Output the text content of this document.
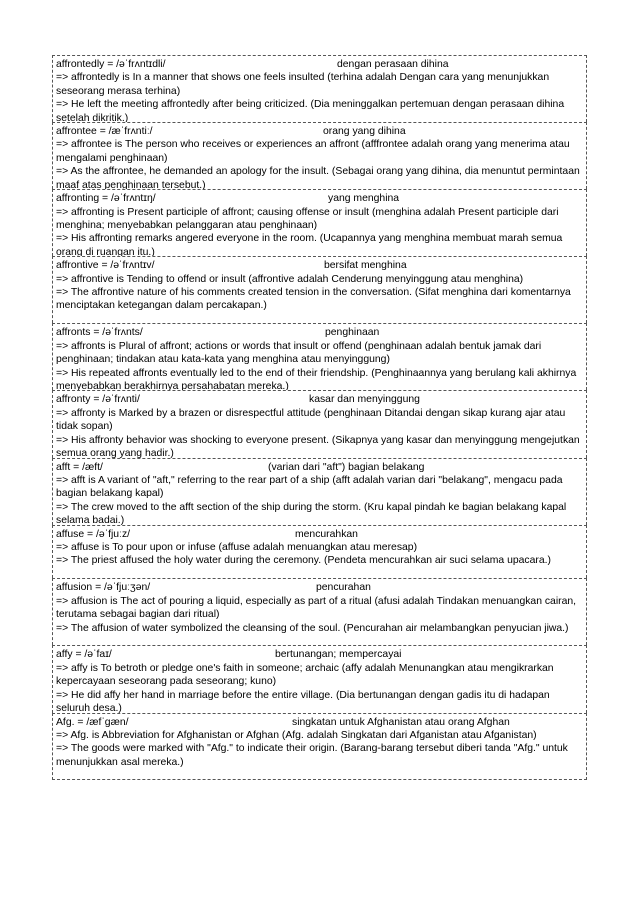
affrontedly = /əˈfrʌntɪdli/	dengan perasaan dihina
=> affrontedly is In a manner that shows one feels insulted (terhina adalah Dengan cara yang menunjukkan seseorang merasa terhina)
=> He left the meeting affrontedly after being criticized. (Dia meninggalkan pertemuan dengan perasaan dihina setelah dikritik.)
affrontee = /æˈfrʌntiː/	orang yang dihina
=> affrontee is The person who receives or experiences an affront (afffrontee adalah orang yang menerima atau mengalami penghinaan)
=> As the affrontee, he demanded an apology for the insult. (Sebagai orang yang dihina, dia menuntut permintaan maaf atas penghinaan tersebut.)
affronting = /əˈfrʌntɪŋ/	yang menghina
=> affronting is Present participle of affront; causing offense or insult (menghina adalah Present participle dari menghina; menyebabkan pelanggaran atau penghinaan)
=> His affronting remarks angered everyone in the room. (Ucapannya yang menghina membuat marah semua orang di ruangan itu.)
affrontive = /əˈfrʌntɪv/	bersifat menghina
=> affrontive is Tending to offend or insult (affrontive adalah Cenderung menyinggung atau menghina)
=> The affrontive nature of his comments created tension in the conversation. (Sifat menghina dari komentarnya menciptakan ketegangan dalam percakapan.)
affronts = /əˈfrʌnts/	penghinaan
=> affronts is Plural of affront; actions or words that insult or offend (penghinaan adalah bentuk jamak dari penghinaan; tindakan atau kata-kata yang menghina atau menyinggung)
=> His repeated affronts eventually led to the end of their friendship. (Penghinaannya yang berulang kali akhirnya menyebabkan berakhirnya persahabatan mereka.)
affronty = /əˈfrʌnti/	kasar dan menyinggung
=> affronty is Marked by a brazen or disrespectful attitude (penghinaan Ditandai dengan sikap kurang ajar atau tidak sopan)
=> His affronty behavior was shocking to everyone present. (Sikapnya yang kasar dan menyinggung mengejutkan semua orang yang hadir.)
afft = /æft/	(varian dari "aft") bagian belakang
=> afft is A variant of "aft," referring to the rear part of a ship (afft adalah varian dari "belakang", mengacu pada bagian belakang kapal)
=> The crew moved to the afft section of the ship during the storm. (Kru kapal pindah ke bagian belakang kapal selama badai.)
affuse = /əˈfjuːz/	mencurahkan
=> affuse is To pour upon or infuse (affuse adalah menuangkan atau meresap)
=> The priest affused the holy water during the ceremony. (Pendeta mencurahkan air suci selama upacara.)
affusion = /əˈfjuːʒən/	pencurahan
=> affusion is The act of pouring a liquid, especially as part of a ritual (afusi adalah Tindakan menuangkan cairan, terutama sebagai bagian dari ritual)
=> The affusion of water symbolized the cleansing of the soul. (Pencurahan air melambangkan penyucian jiwa.)
affy = /əˈfaɪ/	bertunangan; mempercayai
=> affy is To betroth or pledge one's faith in someone; archaic (affy adalah Menunangkan atau mengikrarkan kepercayaan seseorang pada seseorang; kuno)
=> He did affy her hand in marriage before the entire village. (Dia bertunangan dengan gadis itu di hadapan seluruh desa.)
Afg. = /æfˈgæn/	singkatan untuk Afghanistan atau orang Afghan
=> Afg. is Abbreviation for Afghanistan or Afghan (Afg. adalah Singkatan dari Afganistan atau Afganistan)
=> The goods were marked with "Afg." to indicate their origin. (Barang-barang tersebut diberi tanda "Afg." untuk menunjukkan asal mereka.)
